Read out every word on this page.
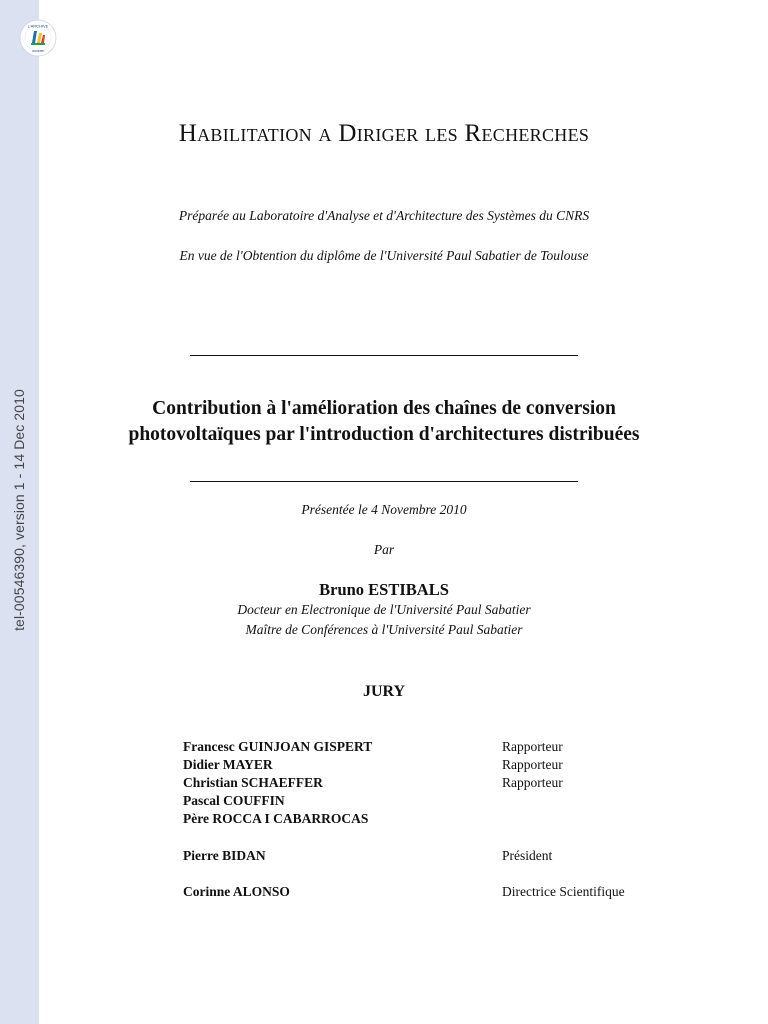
tel-00546390, version 1 - 14 Dec 2010
L'ARCHIVE
ouverte
Habilitation a Diriger les Recherches
Préparée au Laboratoire d'Analyse et d'Architecture des Systèmes du CNRS
En vue de l'Obtention du diplôme de l'Université Paul Sabatier de Toulouse
Contribution à l'amélioration des chaînes de conversion
photovoltaïques par l'introduction d'architectures distribuées
Présentée le 4 Novembre 2010
Par
Bruno ESTIBALS
Docteur en Electronique de l'Université Paul Sabatier
Maître de Conférences à l'Université Paul Sabatier
JURY
Francesc GUINJOAN GISPERT	Rapporteur
Didier MAYER	Rapporteur
Christian SCHAEFFER	Rapporteur
Pascal COUFFIN
Père ROCCA I CABARROCAS
Pierre BIDAN	Président
Corinne ALONSO	Directrice Scientifique
